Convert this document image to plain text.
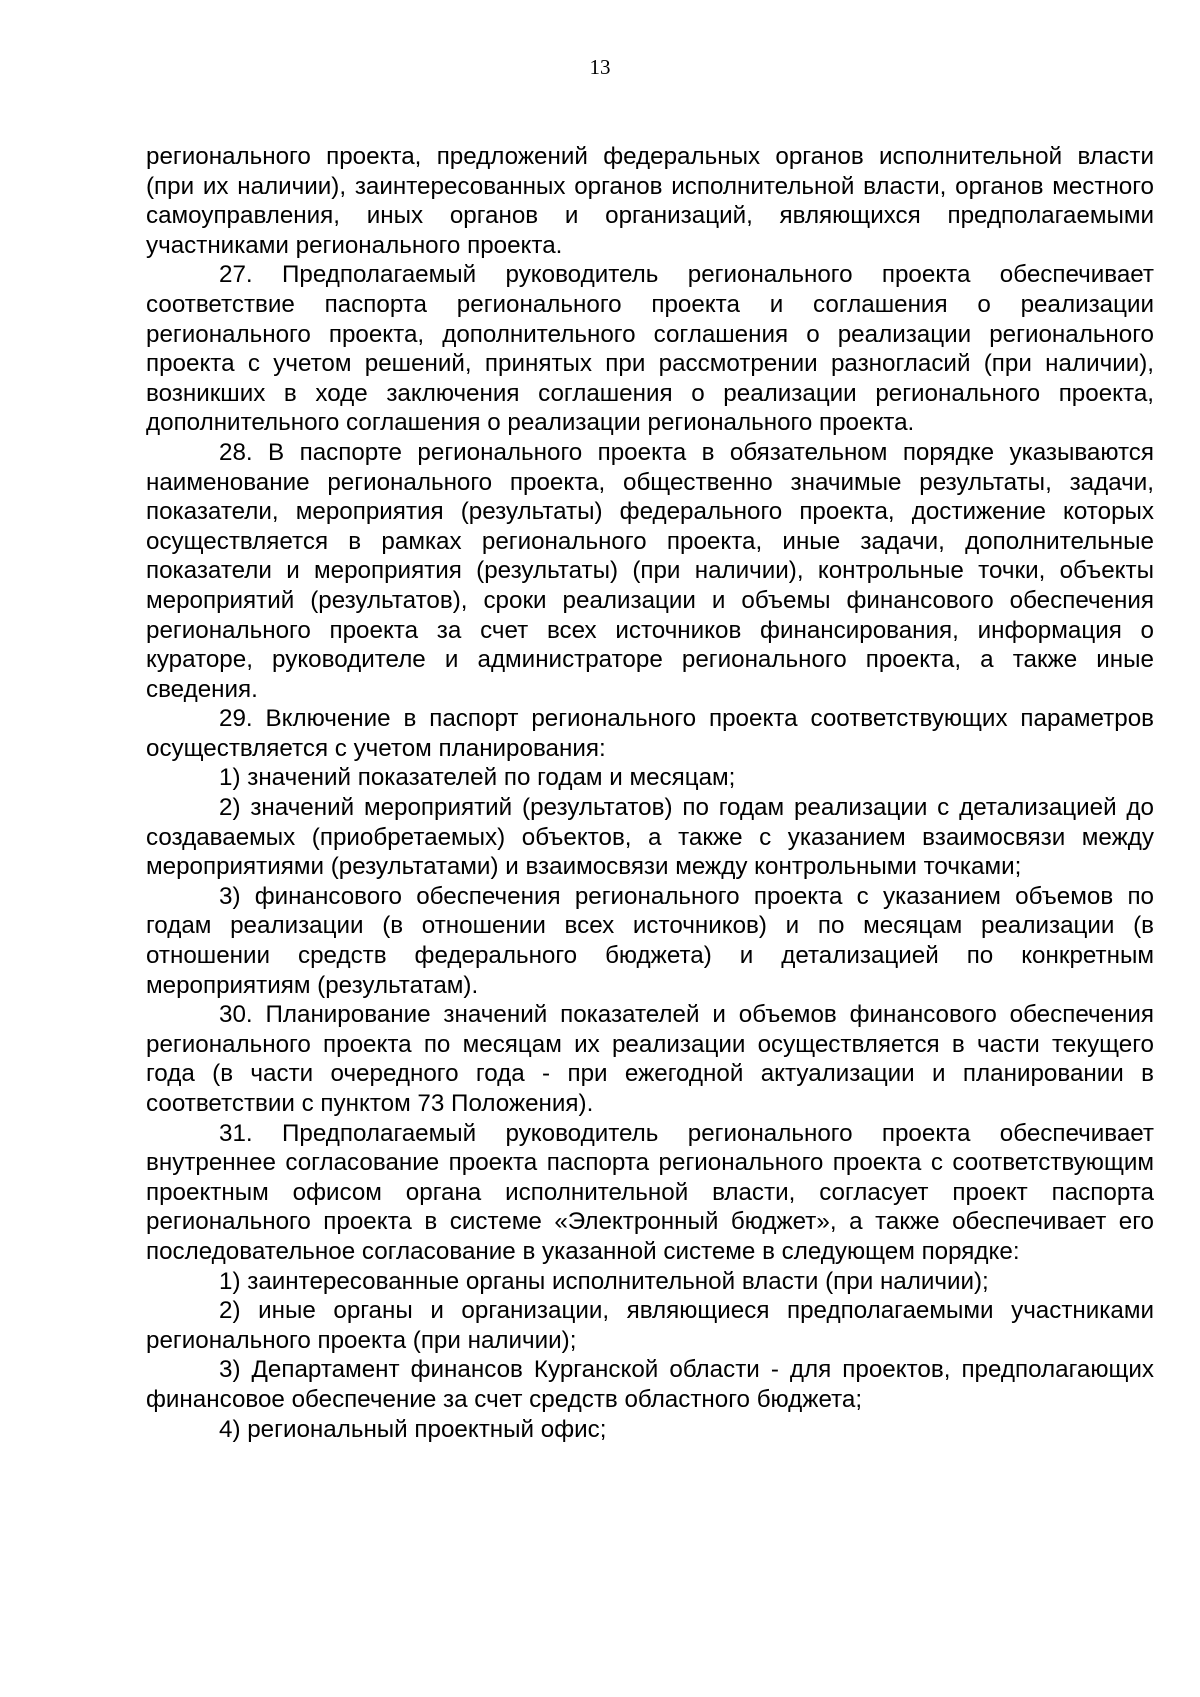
13

регионального проекта, предложений федеральных органов исполнительной власти (при их наличии), заинтересованных органов исполнительной власти, органов местного самоуправления, иных органов и организаций, являющихся предполагаемыми участниками регионального проекта.

27. Предполагаемый руководитель регионального проекта обеспечивает соответствие паспорта регионального проекта и соглашения о реализации регионального проекта, дополнительного соглашения о реализации регионального проекта с учетом решений, принятых при рассмотрении разногласий (при наличии), возникших в ходе заключения соглашения о реализации регионального проекта, дополнительного соглашения о реализации регионального проекта.

28. В паспорте регионального проекта в обязательном порядке указываются наименование регионального проекта, общественно значимые результаты, задачи, показатели, мероприятия (результаты) федерального проекта, достижение которых осуществляется в рамках регионального проекта, иные задачи, дополнительные показатели и мероприятия (результаты) (при наличии), контрольные точки, объекты мероприятий (результатов), сроки реализации и объемы финансового обеспечения регионального проекта за счет всех источников финансирования, информация о кураторе, руководителе и администраторе регионального проекта, а также иные сведения.

29. Включение в паспорт регионального проекта соответствующих параметров осуществляется с учетом планирования:

1) значений показателей по годам и месяцам;

2) значений мероприятий (результатов) по годам реализации с детализацией до создаваемых (приобретаемых) объектов, а также с указанием взаимосвязи между мероприятиями (результатами) и взаимосвязи между контрольными точками;

3) финансового обеспечения регионального проекта с указанием объемов по годам реализации (в отношении всех источников) и по месяцам реализации (в отношении средств федерального бюджета) и детализацией по конкретным мероприятиям (результатам).

30. Планирование значений показателей и объемов финансового обеспечения регионального проекта по месяцам их реализации осуществляется в части текущего года (в части очередного года - при ежегодной актуализации и планировании в соответствии с пунктом 73 Положения).

31. Предполагаемый руководитель регионального проекта обеспечивает внутреннее согласование проекта паспорта регионального проекта с соответствующим проектным офисом органа исполнительной власти, согласует проект паспорта регионального проекта в системе «Электронный бюджет», а также обеспечивает его последовательное согласование в указанной системе в следующем порядке:

1) заинтересованные органы исполнительной власти (при наличии);

2) иные органы и организации, являющиеся предполагаемыми участниками регионального проекта (при наличии);

3) Департамент финансов Курганской области - для проектов, предполагающих финансовое обеспечение за счет средств областного бюджета;

4) региональный проектный офис;
